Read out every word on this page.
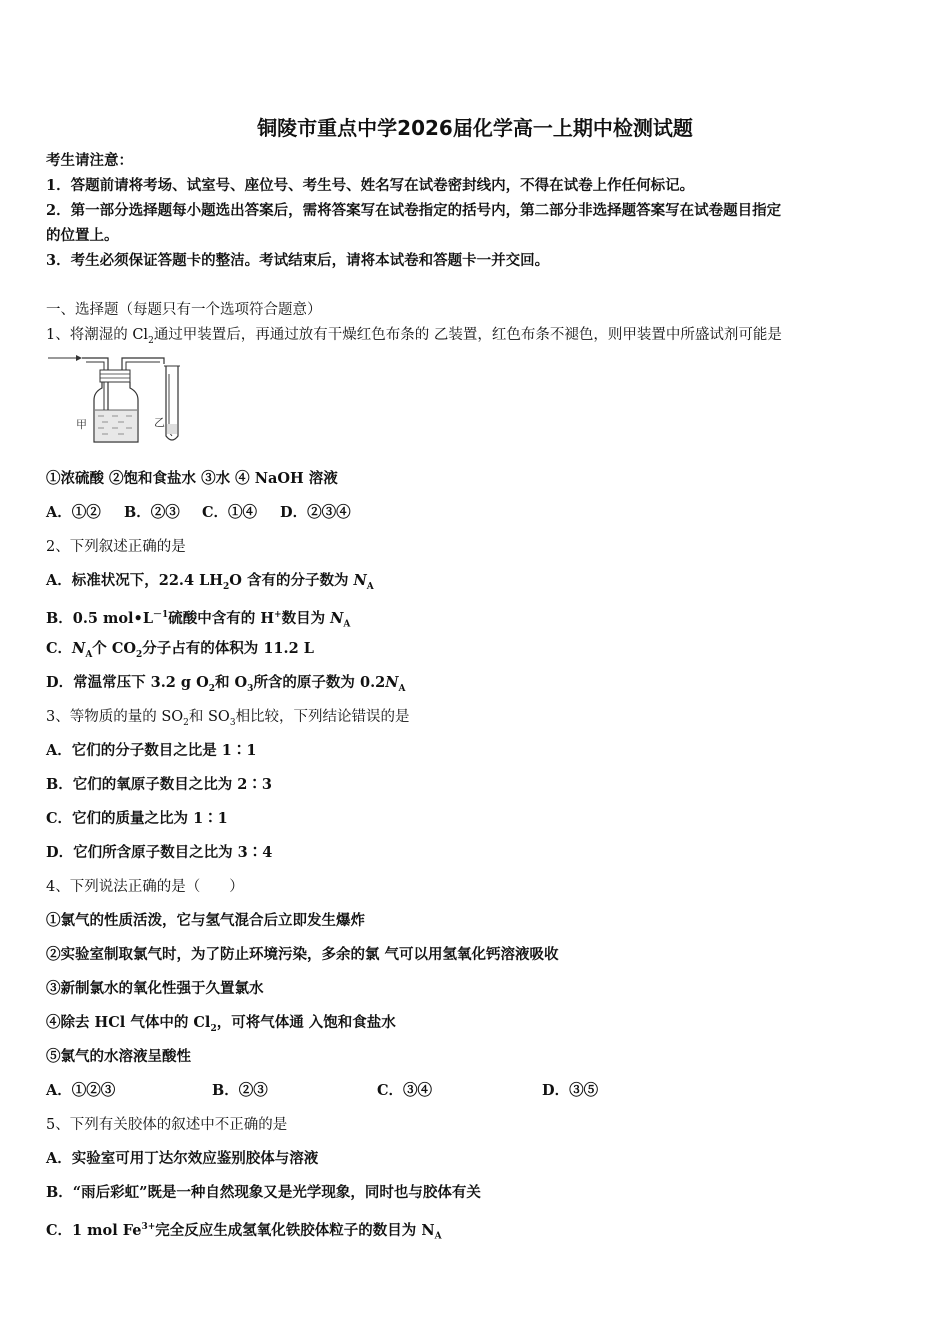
铜陵市重点中学2026届化学高一上期中检测试题
考生请注意：
1．答题前请将考场、试室号、座位号、考生号、姓名写在试卷密封线内，不得在试卷上作任何标记。
2．第一部分选择题每小题选出答案后，需将答案写在试卷指定的括号内，第二部分非选择题答案写在试卷题目指定
的位置上。
3．考生必须保证答题卡的整洁。考试结束后，请将本试卷和答题卡一并交回。
一、选择题（每题只有一个选项符合题意）
1、将潮湿的 $Cl_2$通过甲装置后，再通过放有干燥红色布条的 乙装置，红色布条不褪色，则甲装置中所盛试剂可能是
甲	乙
①浓硫酸 ②饱和食盐水 ③水 ④ NaOH 溶液
A．①② B．②③ C．①④ D．②③④
2、下列叙述正确的是
A．标准状况下，22.4 $LH_2O$ 含有的分子数为 $N_A$
B．0.5 $mol•L^{-1}$硫酸中含有的 H+数目为 $N_A$
C．$N_A$个 $CO_2$分子占有的体积为 11.2 L
D．常温常压下 3.2 g $O_2$和 $O_3$所含的原子数为 $0.2N_A$
3、等物质的量的 $SO_2$和 $SO_3$相比较，下列结论错误的是
A．它们的分子数目之比是 1∶1
B．它们的氧原子数目之比为 2∶3
C．它们的质量之比为 1∶1
D．它们所含原子数目之比为 3∶4
4、下列说法正确的是（　　）
①氯气的性质活泼，它与氢气混合后立即发生爆炸
②实验室制取氯气时，为了防止环境污染，多余的氯 气可以用氢氧化钙溶液吸收
③新制氯水的氧化性强于久置氯水
④除去 HCl 气体中的 $Cl_2$，可将气体通 入饱和食盐水
⑤氯气的水溶液呈酸性
A．①②③	B．②③	C．③④	D．③⑤
5、下列有关胶体的叙述中不正确的是
A．实验室可用丁达尔效应鉴别胶体与溶液
B．“雨后彩虹”既是一种自然现象又是光学现象，同时也与胶体有关
C．1 mol $Fe^{3+}$完全反应生成氢氧化铁胶体粒子的数目为 $N_A$
